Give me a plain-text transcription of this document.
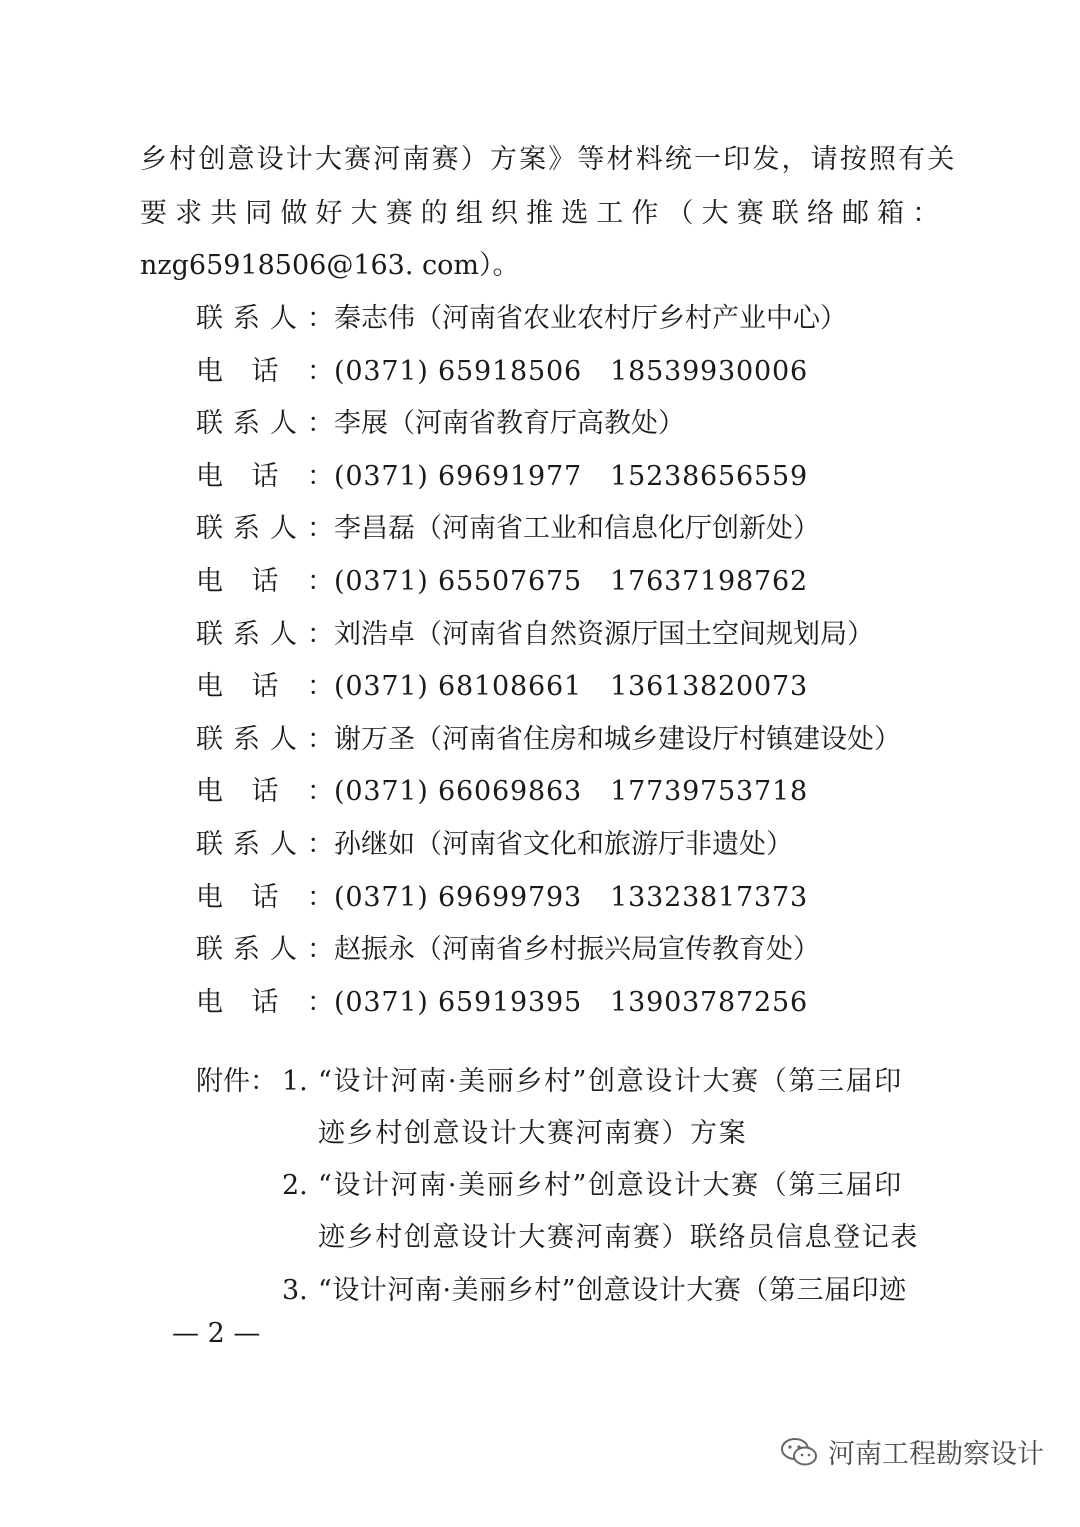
乡村创意设计大赛河南赛）方案》等材料统一印发，请按照有关
要求共同做好大赛的组织推选工作（大赛联络邮箱：
nzg65918506@163. com）。
联 系 人 ： 秦志伟（河南省农业农村厅乡村产业中心）
电 话 ： (0371) 65918506   18539930006
联 系 人 ： 李展（河南省教育厅高教处）
电 话 ： (0371) 69691977   15238656559
联 系 人 ： 李昌磊（河南省工业和信息化厅创新处）
电 话 ： (0371) 65507675   17637198762
联 系 人 ： 刘浩卓（河南省自然资源厅国土空间规划局）
电 话 ： (0371) 68108661   13613820073
联 系 人 ： 谢万圣（河南省住房和城乡建设厅村镇建设处）
电 话 ： (0371) 66069863   17739753718
联 系 人 ： 孙继如（河南省文化和旅游厅非遗处）
电 话 ： (0371) 69699793   13323817373
联 系 人 ： 赵振永（河南省乡村振兴局宣传教育处）
电 话 ： (0371) 65919395   13903787256
附件： 1. “设计河南·美丽乡村”创意设计大赛（第三届印
迹乡村创意设计大赛河南赛）方案
2. “设计河南·美丽乡村”创意设计大赛（第三届印
迹乡村创意设计大赛河南赛）联络员信息登记表
3. “设计河南·美丽乡村”创意设计大赛（第三届印迹
— 2 —
河南工程勘察设计
